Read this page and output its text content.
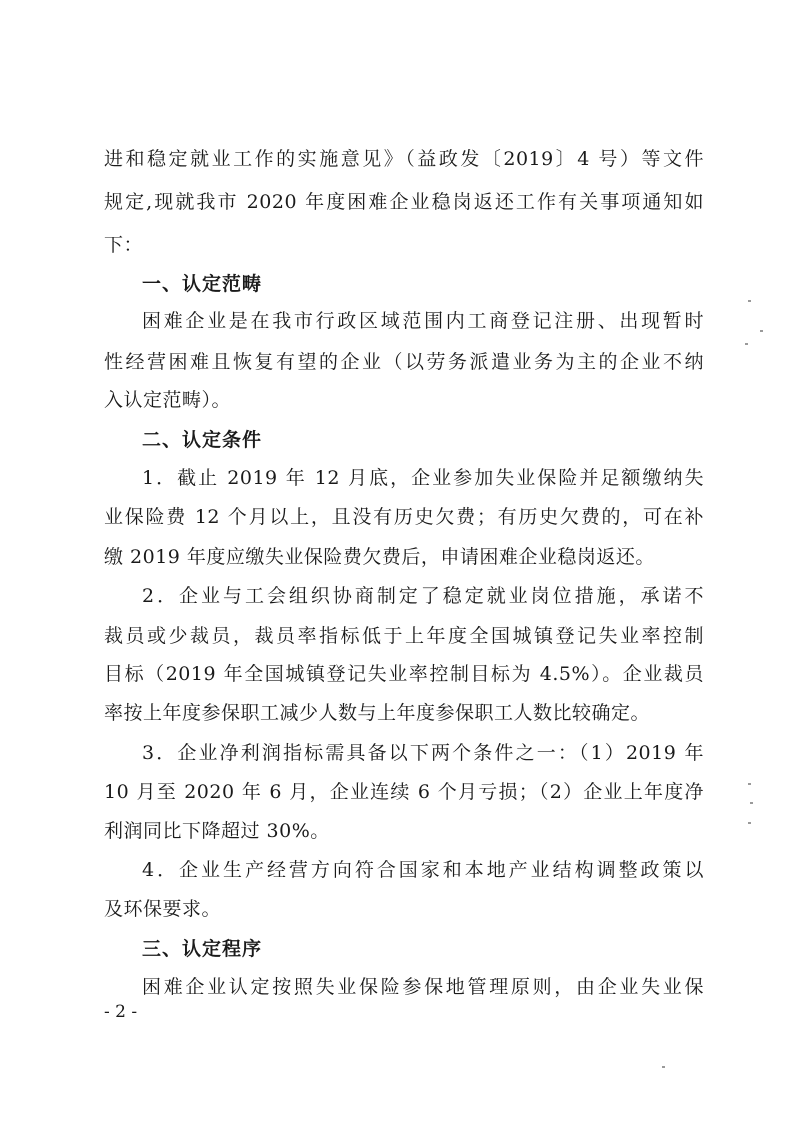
进和稳定就业工作的实施意见》（益政发〔2019〕4 号）等文件
规定,现就我市 2020 年度困难企业稳岗返还工作有关事项通知如
下：
一、认定范畴
困难企业是在我市行政区域范围内工商登记注册、出现暂时
性经营困难且恢复有望的企业（以劳务派遣业务为主的企业不纳
入认定范畴）。
二、认定条件
1．截止 2019 年 12 月底，企业参加失业保险并足额缴纳失
业保险费 12 个月以上，且没有历史欠费；有历史欠费的，可在补
缴 2019 年度应缴失业保险费欠费后，申请困难企业稳岗返还。
2．企业与工会组织协商制定了稳定就业岗位措施，承诺不
裁员或少裁员，裁员率指标低于上年度全国城镇登记失业率控制
目标（2019 年全国城镇登记失业率控制目标为 4.5%）。企业裁员
率按上年度参保职工减少人数与上年度参保职工人数比较确定。
3．企业净利润指标需具备以下两个条件之一：（1）2019 年
10 月至 2020 年 6 月，企业连续 6 个月亏损；（2）企业上年度净
利润同比下降超过 30%。
4．企业生产经营方向符合国家和本地产业结构调整政策以
及环保要求。
三、认定程序
困难企业认定按照失业保险参保地管理原则，由企业失业保
- 2 -
